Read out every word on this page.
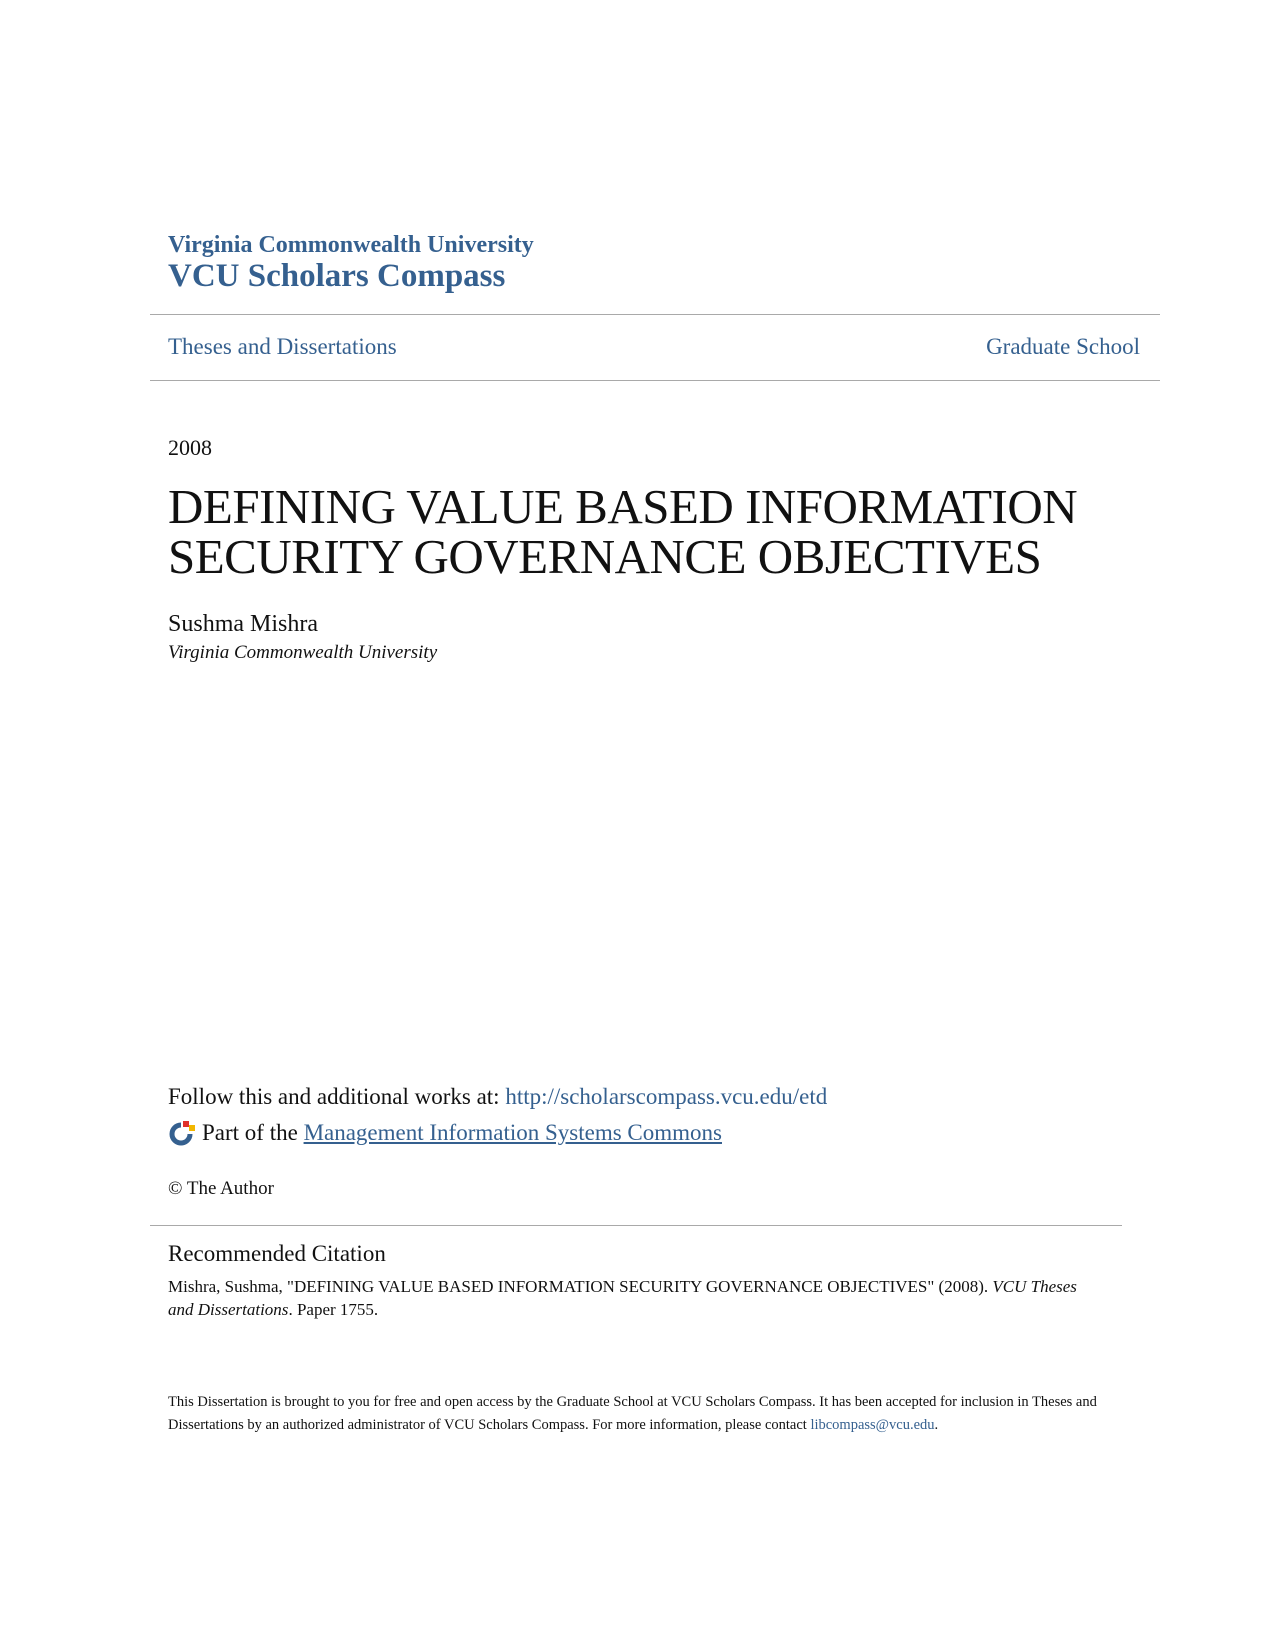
Virginia Commonwealth University
VCU Scholars Compass
Theses and Dissertations	Graduate School
2008
DEFINING VALUE BASED INFORMATION
SECURITY GOVERNANCE OBJECTIVES
Sushma Mishra
Virginia Commonwealth University
Follow this and additional works at: http://scholarscompass.vcu.edu/etd
Part of the
Management Information Systems Commons
© The Author
Recommended Citation
Mishra, Sushma, "DEFINING VALUE BASED INFORMATION SECURITY GOVERNANCE OBJECTIVES" (2008). VCU Theses and Dissertations. Paper 1755.
This Dissertation is brought to you for free and open access by the Graduate School at VCU Scholars Compass. It has been accepted for inclusion in Theses and Dissertations by an authorized administrator of VCU Scholars Compass. For more information, please contact libcompass@vcu.edu.
